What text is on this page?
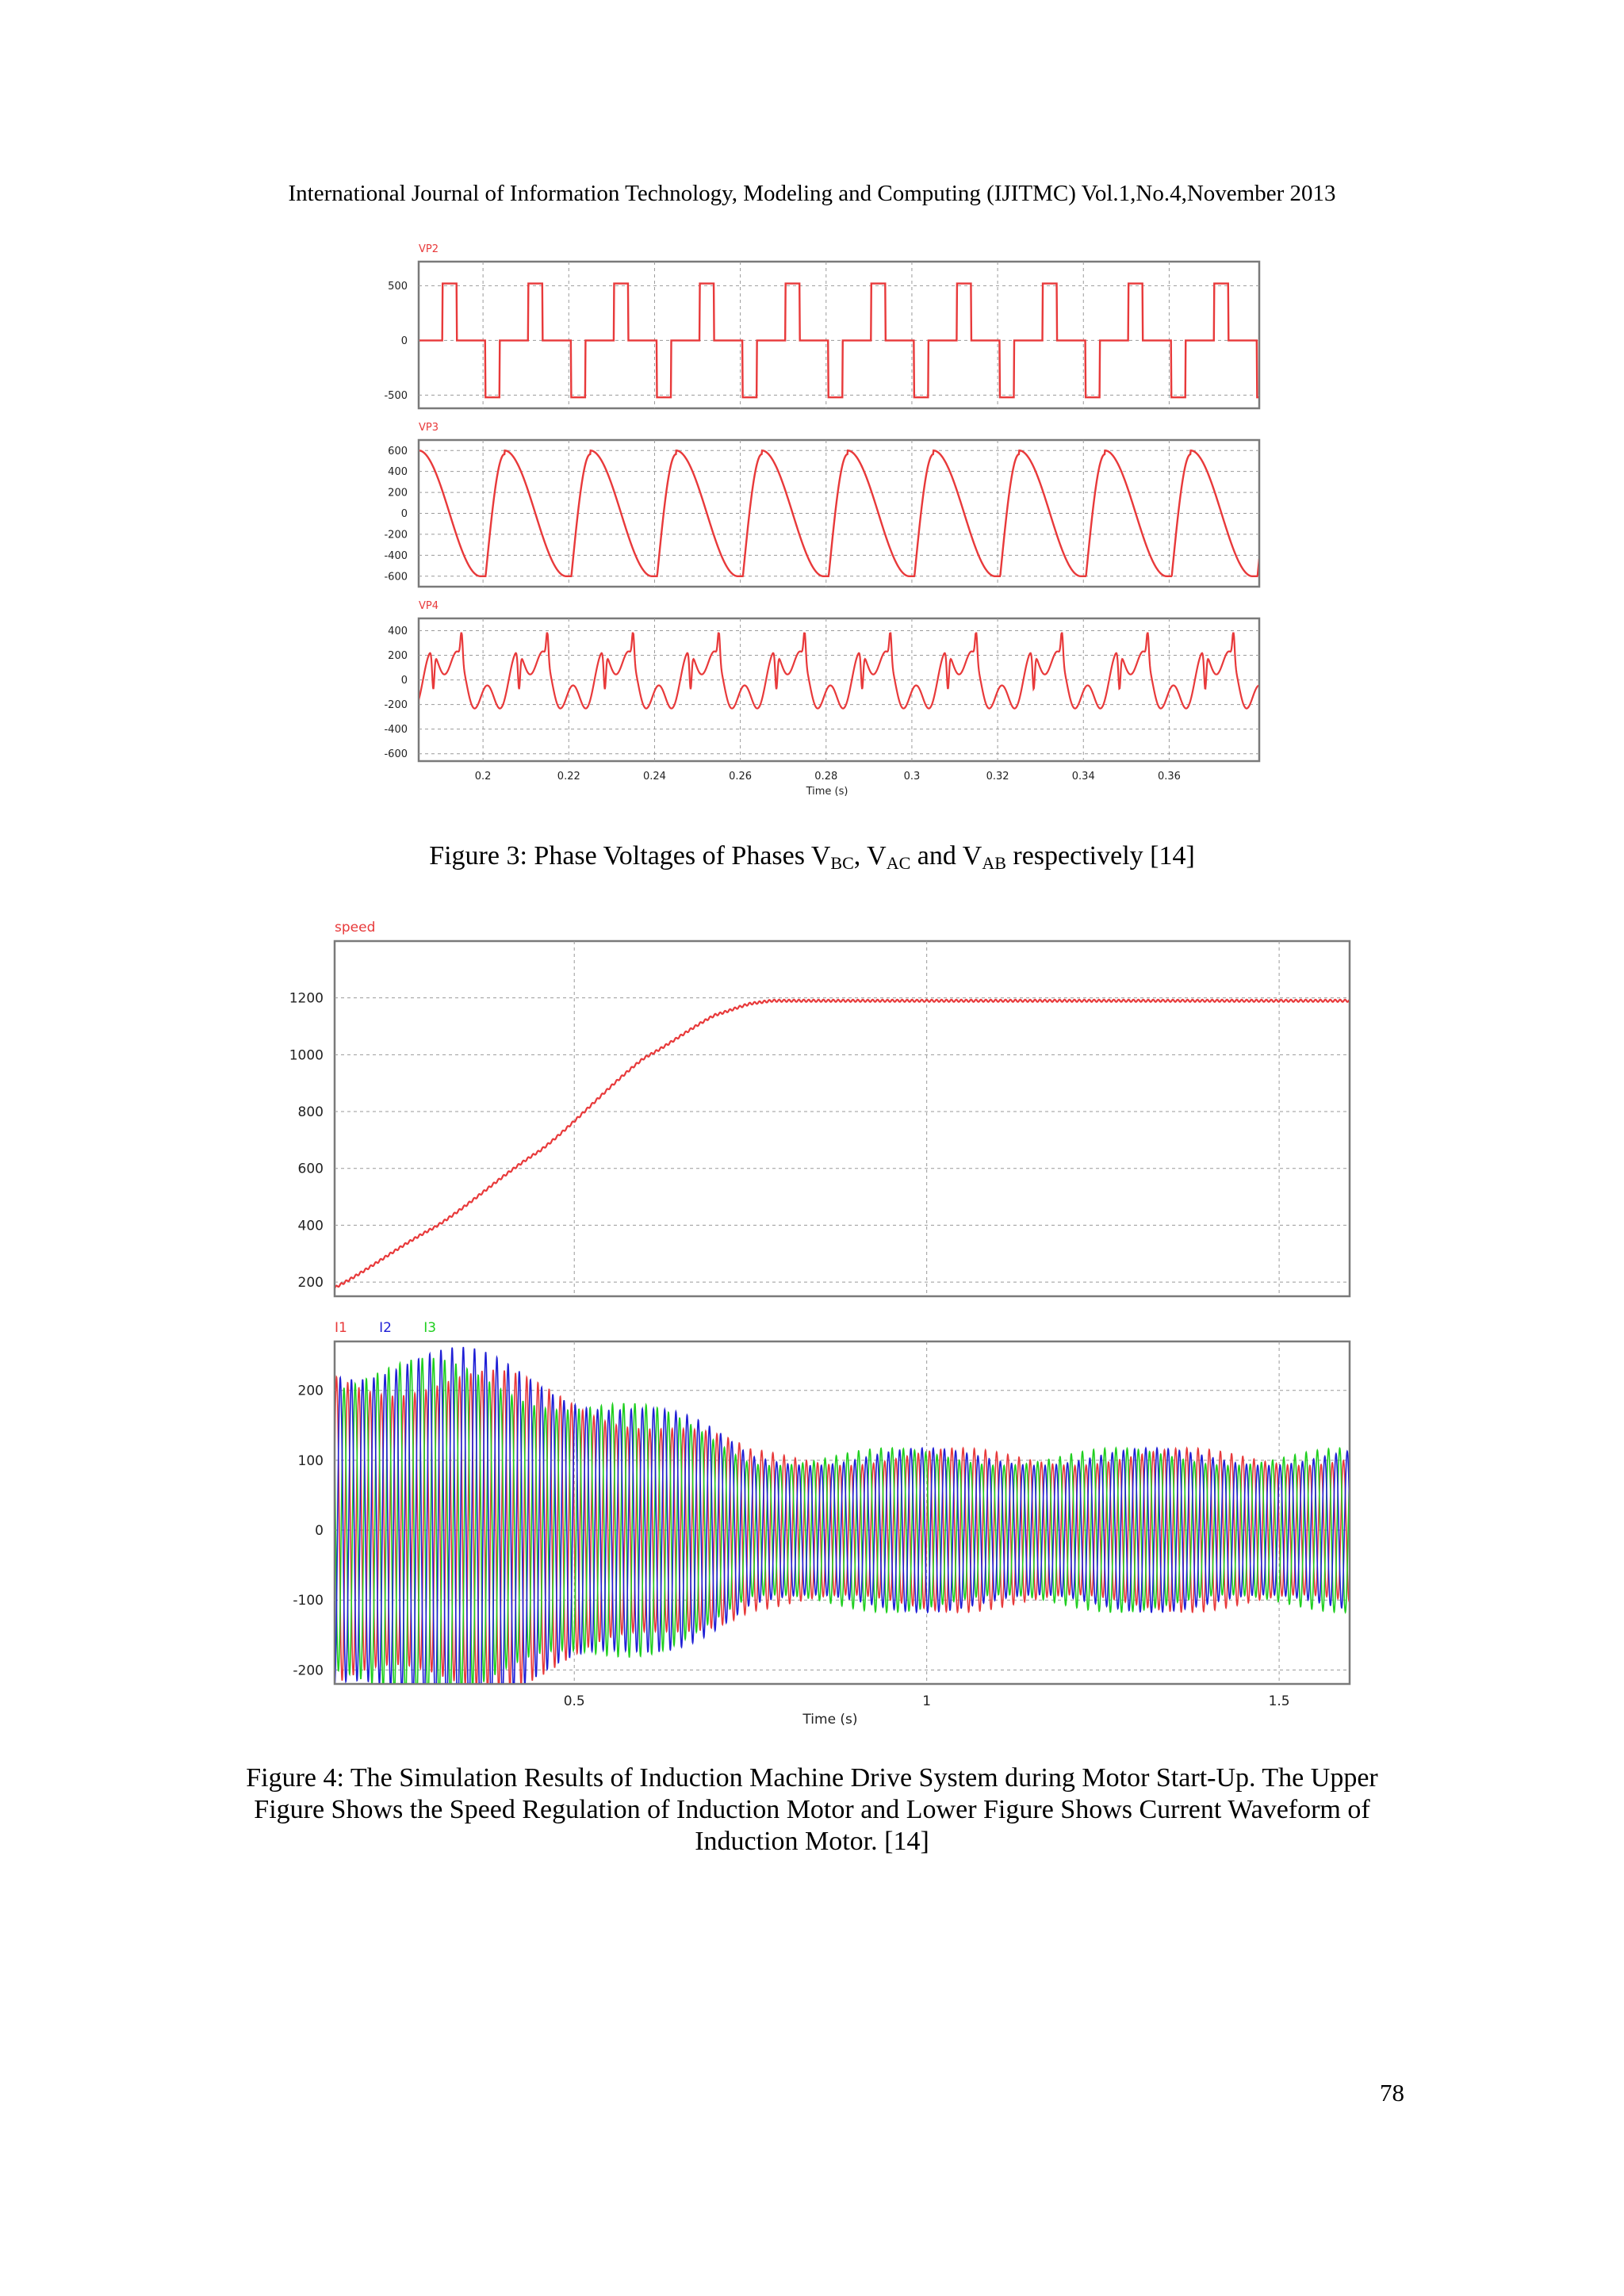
International Journal of Information Technology, Modeling and Computing (IJITMC) Vol.1,No.4,November 2013
500
0
-500
VP2
600
400
200
0
-200
-400
-600
VP3
400
200
0
-200
-400
-600
0.2	0.22	0.24	0.26	0.28	0.3	0.32	0.34	0.36
Time (s)
VP4
1200
1000
800
600
400
200
speed
200
100
0
-100
-200
0.5	1	1.5
Time (s)
I1 I2 I3
Figure 3: Phase Voltages of Phases $V_{BC}$, $V_{AC}$ and $V_{AB}$ respectively [14]
Figure 4: The Simulation Results of Induction Machine Drive System during Motor Start-Up. The Upper
Figure Shows the Speed Regulation of Induction Motor and Lower Figure Shows Current Waveform of
Induction Motor. [14]
78
